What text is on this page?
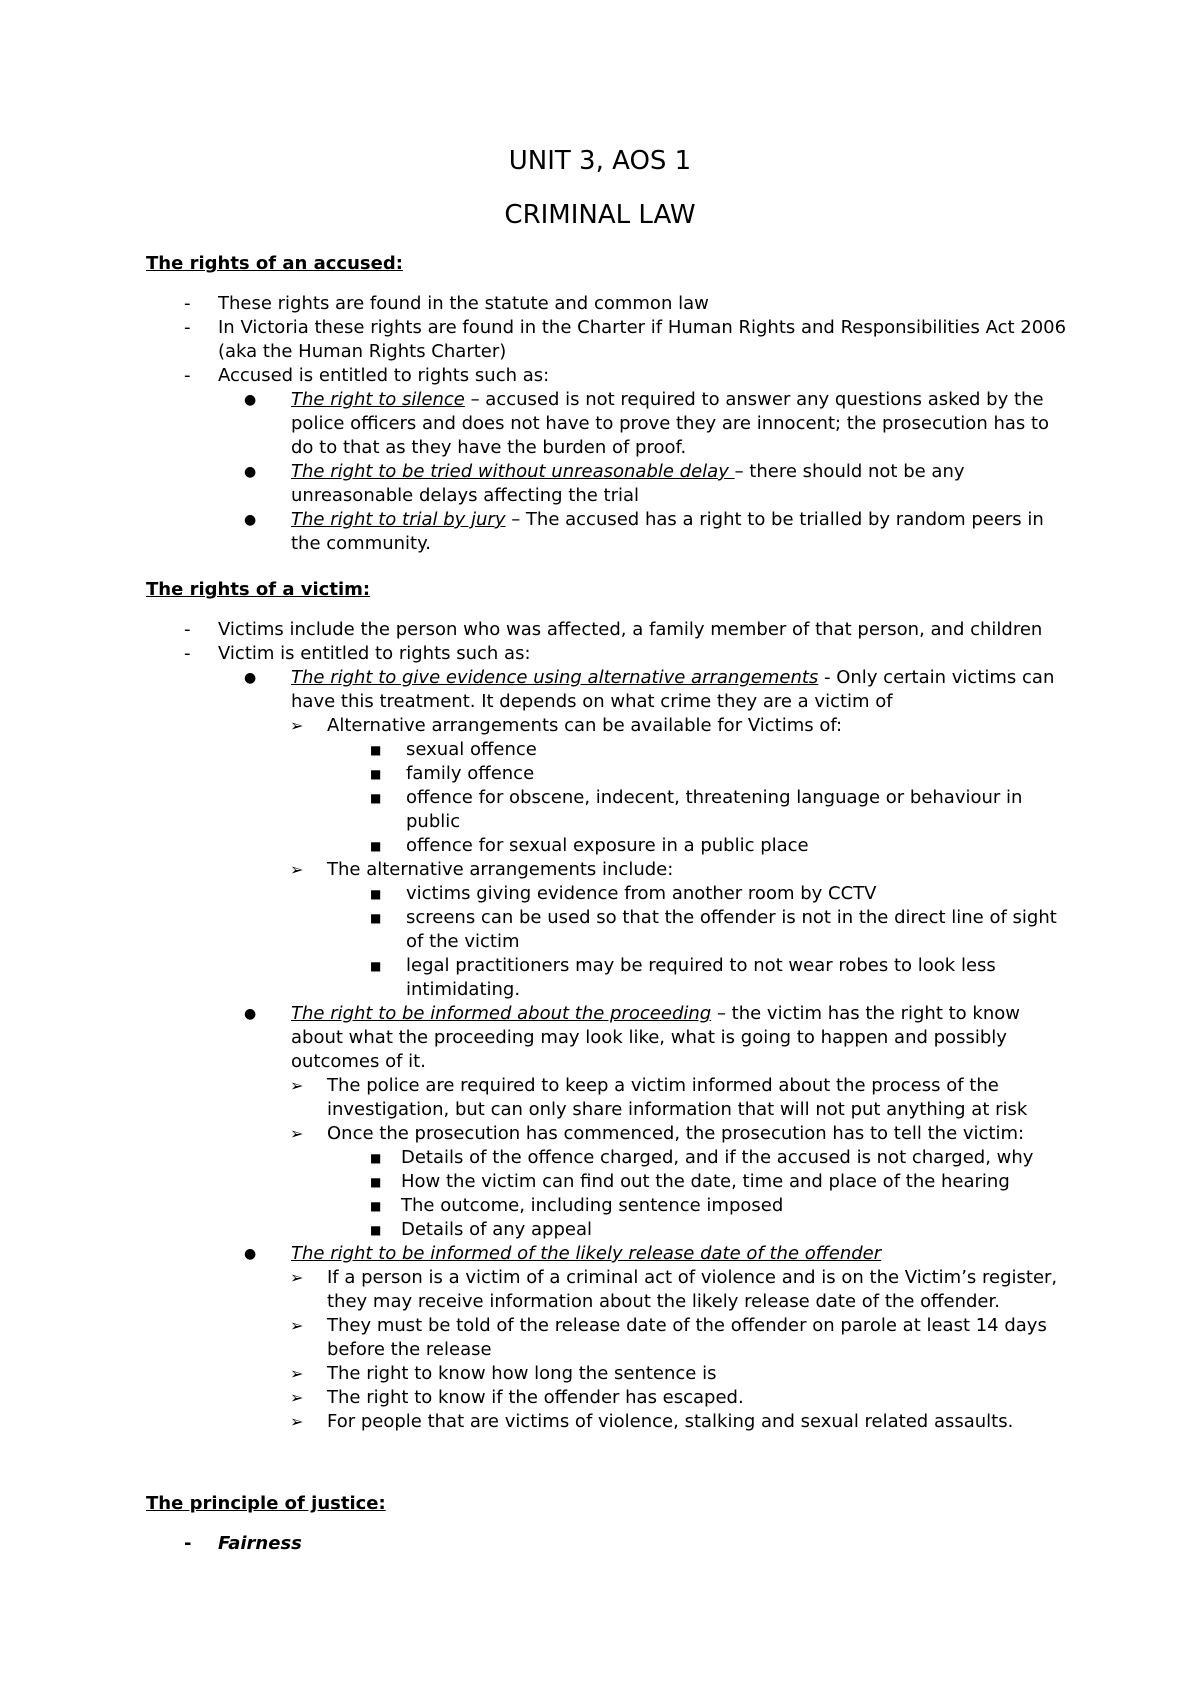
UNIT 3, AOS 1
CRIMINAL LAW
The rights of an accused:
- These rights are found in the statute and common law
- In Victoria these rights are found in the Charter if Human Rights and Responsibilities Act 2006 (aka the Human Rights Charter)
- Accused is entitled to rights such as:
● The right to silence – accused is not required to answer any questions asked by the police officers and does not have to prove they are innocent; the prosecution has to do to that as they have the burden of proof.
● The right to be tried without unreasonable delay – there should not be any unreasonable delays affecting the trial
● The right to trial by jury – The accused has a right to be trialled by random peers in the community.
The rights of a victim:
- Victims include the person who was affected, a family member of that person, and children
- Victim is entitled to rights such as:
● The right to give evidence using alternative arrangements - Only certain victims can have this treatment. It depends on what crime they are a victim of
➢ Alternative arrangements can be available for Victims of:
■ sexual offence
■ family offence
■ offence for obscene, indecent, threatening language or behaviour in public
■ offence for sexual exposure in a public place
➢ The alternative arrangements include:
■ victims giving evidence from another room by CCTV
■ screens can be used so that the offender is not in the direct line of sight of the victim
■ legal practitioners may be required to not wear robes to look less intimidating.
● The right to be informed about the proceeding – the victim has the right to know about what the proceeding may look like, what is going to happen and possibly outcomes of it.
➢ The police are required to keep a victim informed about the process of the investigation, but can only share information that will not put anything at risk
➢ Once the prosecution has commenced, the prosecution has to tell the victim:
■ Details of the offence charged, and if the accused is not charged, why
■ How the victim can find out the date, time and place of the hearing
■ The outcome, including sentence imposed
■ Details of any appeal
● The right to be informed of the likely release date of the offender
➢ If a person is a victim of a criminal act of violence and is on the Victim’s register, they may receive information about the likely release date of the offender.
➢ They must be told of the release date of the offender on parole at least 14 days before the release
➢ The right to know how long the sentence is
➢ The right to know if the offender has escaped.
➢ For people that are victims of violence, stalking and sexual related assaults.
The principle of justice:
- Fairness
